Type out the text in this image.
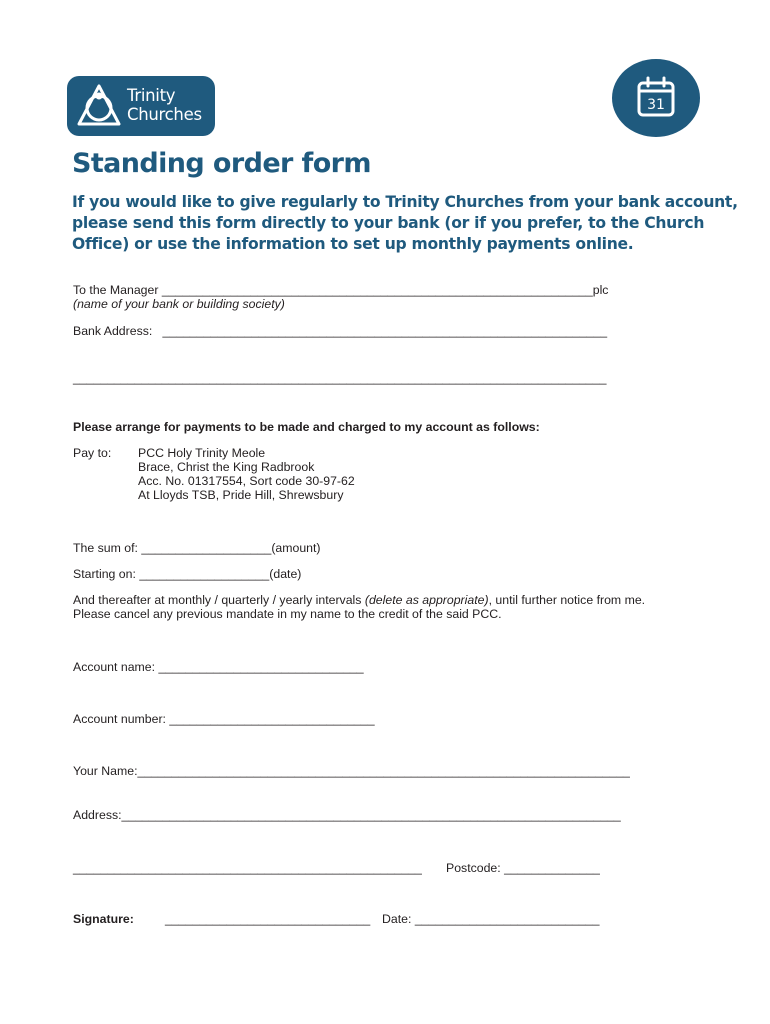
Trinity
Churches	31
Standing order form
If you would like to give regularly to Trinity Churches from your bank account,
please send this form directly to your bank (or if you prefer, to the Church
Office) or use the information to set up monthly payments online.
To the Manager _______________________________________________________________plc
(name of your bank or building society)
Bank Address: _________________________________________________________________
______________________________________________________________________________
Please arrange for payments to be made and charged to my account as follows:
Pay to: PCC Holy Trinity Meole
Brace, Christ the King Radbrook
Acc. No. 01317554, Sort code 30-97-62
At Lloyds TSB, Pride Hill, Shrewsbury
The sum of: ___________________(amount)
Starting on: ___________________(date)
And thereafter at monthly / quarterly / yearly intervals (delete as appropriate), until further notice from me.
Please cancel any previous mandate in my name to the credit of the said PCC.
Account name: ______________________________
Account number: ______________________________
Your Name:________________________________________________________________________
Address:_________________________________________________________________________
___________________________________________________ Postcode: ______________
Signature:	______________________________ Date: ___________________________
